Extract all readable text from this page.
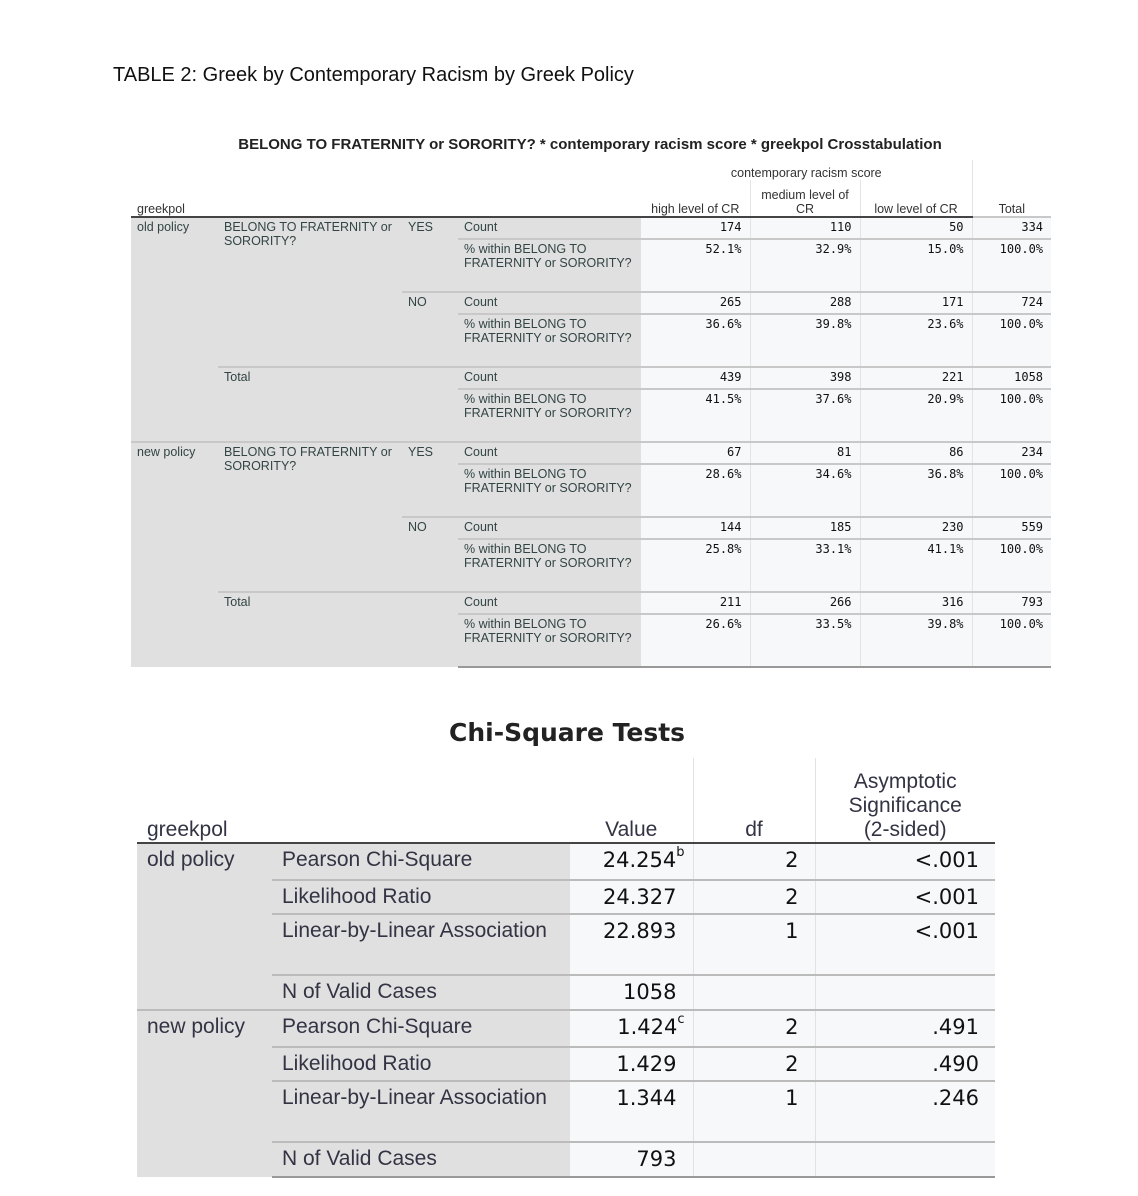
TABLE 2: Greek by Contemporary Racism by Greek Policy
BELONG TO FRATERNITY or SORORITY? * contemporary racism score * greekpol Crosstabulation
				contemporary racism score			Total
greekpol				high level of CR	medium level of CR	low level of CR	
old policy	BELONG TO FRATERNITY or SORORITY?	YES	Count	174	110	50	334
			% within BELONG TO FRATERNITY or SORORITY?	52.1%	32.9%	15.0%	100.0%
		NO	Count	265	288	171	724
			% within BELONG TO FRATERNITY or SORORITY?	36.6%	39.8%	23.6%	100.0%
	Total		Count	439	398	221	1058
			% within BELONG TO FRATERNITY or SORORITY?	41.5%	37.6%	20.9%	100.0%
new policy	BELONG TO FRATERNITY or SORORITY?	YES	Count	67	81	86	234
			% within BELONG TO FRATERNITY or SORORITY?	28.6%	34.6%	36.8%	100.0%
		NO	Count	144	185	230	559
			% within BELONG TO FRATERNITY or SORORITY?	25.8%	33.1%	41.1%	100.0%
	Total		Count	211	266	316	793
			% within BELONG TO FRATERNITY or SORORITY?	26.6%	33.5%	39.8%	100.0%
Chi-Square Tests
greekpol		Value	df	Asymptotic Significance (2-sided)
old policy	Pearson Chi-Square	24.254$^b$	2	<.001
	Likelihood Ratio	24.327	2	<.001
	Linear-by-Linear Association	22.893	1	<.001
	N of Valid Cases	1058		
new policy	Pearson Chi-Square	1.424$^c$	2	.491
	Likelihood Ratio	1.429	2	.490
	Linear-by-Linear Association	1.344	1	.246
	N of Valid Cases	793		
